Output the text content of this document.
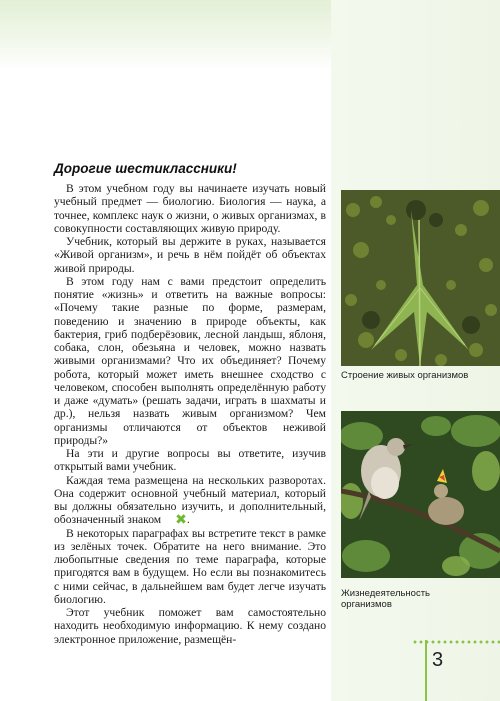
Дорогие шестиклассники!

В этом учебном году вы начинаете изучать новый учебный предмет — биологию. Биология — наука, а точнее, комплекс наук о жизни, о живых организмах, в совокупности составляющих живую природу.

Учебник, который вы держите в руках, называется «Живой организм», и речь в нём пойдёт об объектах живой природы.

В этом году нам с вами предстоит определить понятие «жизнь» и ответить на важные вопросы: «Почему такие разные по форме, размерам, поведению и значению в природе объекты, как бактерия, гриб подберёзовик, лесной ландыш, яблоня, собака, слон, обезьяна и человек, можно назвать живыми организмами? Что их объединяет? Почему робота, который может иметь внешнее сходство с человеком, способен выполнять определённую работу и даже «думать» (решать задачи, играть в шахматы и др.), нельзя назвать живым организмом? Чем организмы отличаются от объектов неживой природы?»

На эти и другие вопросы вы ответите, изучив открытый вами учебник.

Каждая тема размещена на нескольких разворотах. Она содержит основной учебный материал, который вы должны обязательно изучить, и дополнительный, обозначенный знаком ✖.

В некоторых параграфах вы встретите текст в рамке из зелёных точек. Обратите на него внимание. Это любопытные сведения по теме параграфа, которые пригодятся вам в будущем. Но если вы познакомитесь с ними сейчас, в дальнейшем вам будет легче изучать биологию.

Этот учебник поможет вам самостоятельно находить необходимую информацию. К нему создано электронное приложение, размещён-

Строение живых организмов
Жизнедеятельность организмов
3
